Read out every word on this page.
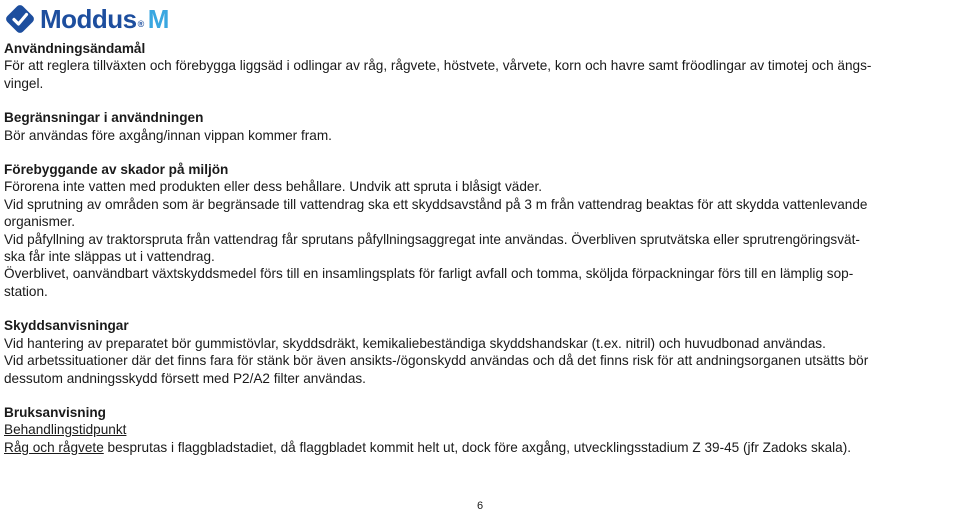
Moddus® M
Användningsändamål
För att reglera tillväxten och förebygga liggsäd i odlingar av råg, rågvete, höstvete, vårvete, korn och havre samt fröodlingar av timotej och ängs-
vingel.
Begränsningar i användningen
Bör användas före axgång/innan vippan kommer fram.
Förebyggande av skador på miljön
Förorena inte vatten med produkten eller dess behållare. Undvik att spruta i blåsigt väder.
Vid sprutning av områden som är begränsade till vattendrag ska ett skyddsavstånd på 3 m från vattendrag beaktas för att skydda vattenlevande
organismer.
Vid påfyllning av traktorspruta från vattendrag får sprutans påfyllningsaggregat inte användas. Överbliven sprutvätska eller sprutrengöringsvät-
ska får inte släppas ut i vattendrag.
Överblivet, oanvändbart växtskyddsmedel förs till en insamlingsplats för farligt avfall och tomma, sköljda förpackningar förs till en lämplig sop-
station.
Skyddsanvisningar
Vid hantering av preparatet bör gummistövlar, skyddsdräkt, kemikaliebeständiga skyddshandskar (t.ex. nitril) och huvudbonad användas.
Vid arbetssituationer där det finns fara för stänk bör även ansikts-/ögonskydd användas och då det finns risk för att andningsorganen utsätts bör
dessutom andningsskydd försett med P2/A2 filter användas.
Bruksanvisning
Behandlingstidpunkt
Råg och rågvete besprutas i flaggbladstadiet, då flaggbladet kommit helt ut, dock före axgång, utvecklingsstadium Z 39-45 (jfr Zadoks skala).
6
